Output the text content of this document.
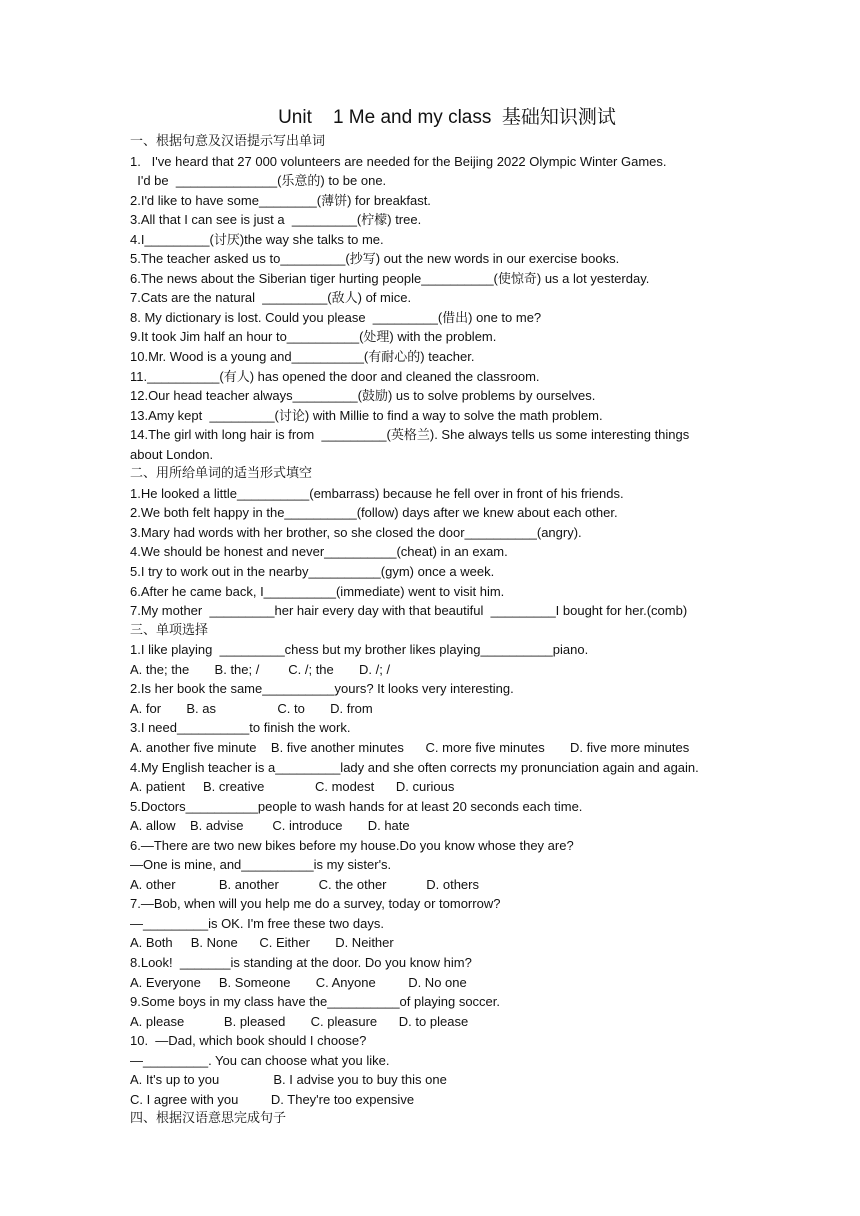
Unit    1 Me and my class  基础知识测试
一、根据句意及汉语提示写出单词
1.   I've heard that 27 000 volunteers are needed for the Beijing 2022 Olympic Winter Games.
I'd be  ______________(乐意的) to be one.
2.I'd like to have some________(薄饼) for breakfast.
3.All that I can see is just a  _________(柠檬) tree.
4.I_________(讨厌)the way she talks to me.
5.The teacher asked us to_________(抄写) out the new words in our exercise books.
6.The news about the Siberian tiger hurting people__________(使惊奇) us a lot yesterday.
7.Cats are the natural  _________(敌人) of mice.
8. My dictionary is lost. Could you please  _________(借出) one to me?
9.It took Jim half an hour to__________(处理) with the problem.
10.Mr. Wood is a young and__________(有耐心的) teacher.
11.__________(有人) has opened the door and cleaned the classroom.
12.Our head teacher always_________(鼓励) us to solve problems by ourselves.
13.Amy kept  _________(讨论) with Millie to find a way to solve the math problem.
14.The girl with long hair is from  _________(英格兰). She always tells us some interesting things
about London.
二、用所给单词的适当形式填空
1.He looked a little__________(embarrass) because he fell over in front of his friends.
2.We both felt happy in the__________(follow) days after we knew about each other.
3.Mary had words with her brother, so she closed the door__________(angry).
4.We should be honest and never__________(cheat) in an exam.
5.I try to work out in the nearby__________(gym) once a week.
6.After he came back, I__________(immediate) went to visit him.
7.My mother  _________her hair every day with that beautiful  _________I bought for her.(comb)
三、单项选择
1.I like playing  _________chess but my brother likes playing__________piano.
A. the; the       B. the; /        C. /; the       D. /; /
2.Is her book the same__________yours? It looks very interesting.
A. for       B. as                 C. to       D. from
3.I need__________to finish the work.
A. another five minute    B. five another minutes      C. more five minutes       D. five more minutes
4.My English teacher is a_________lady and she often corrects my pronunciation again and again.
A. patient     B. creative              C. modest      D. curious
5.Doctors__________people to wash hands for at least 20 seconds each time.
A. allow    B. advise        C. introduce       D. hate
6.—There are two new bikes before my house.Do you know whose they are?
—One is mine, and__________is my sister's.
A. other            B. another           C. the other           D. others
7.—Bob, when will you help me do a survey, today or tomorrow?
—_________is OK. I'm free these two days.
A. Both     B. None      C. Either       D. Neither
8.Look!  _______is standing at the door. Do you know him?
A. Everyone     B. Someone       C. Anyone         D. No one
9.Some boys in my class have the__________of playing soccer.
A. please           B. pleased       C. pleasure      D. to please
10.  —Dad, which book should I choose?
—_________. You can choose what you like.
A. It's up to you               B. I advise you to buy this one
C. I agree with you         D. They're too expensive
四、根据汉语意思完成句子
